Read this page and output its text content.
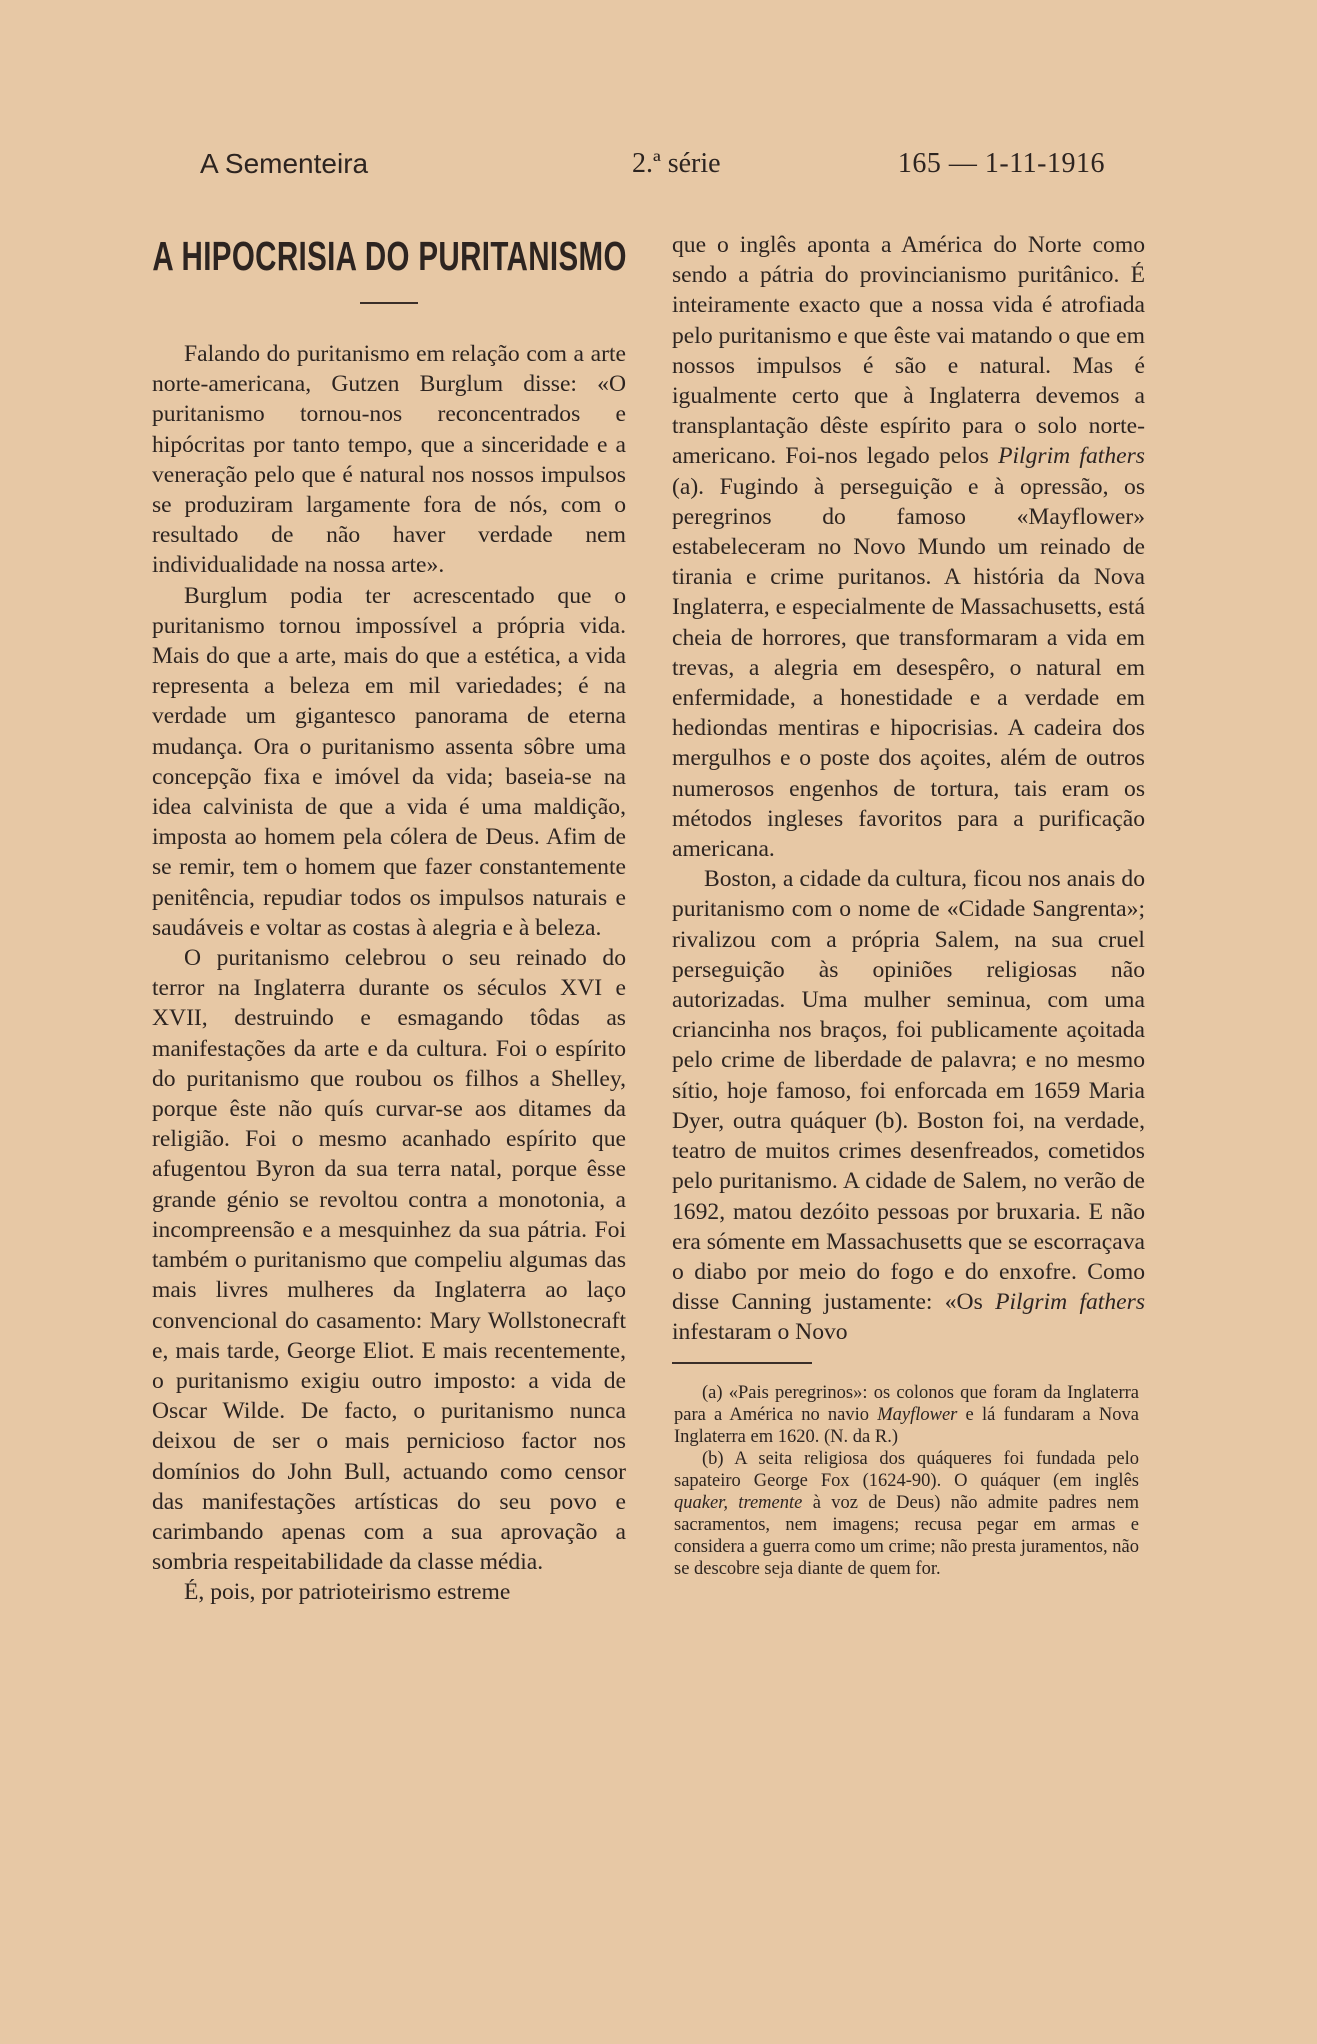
A Sementeira	2.ª série	165 — 1-11-1916
A HIPOCRISIA DO PURITANISMO

Falando do puritanismo em relação com a arte norte-americana, Gutzen Burglum disse: «O puritanismo tornou-nos reconcentrados e hipócritas por tanto tempo, que a sinceridade e a veneração pelo que é natural nos nossos impulsos se produziram largamente fora de nós, com o resultado de não haver verdade nem individualidade na nossa arte».

Burglum podia ter acrescentado que o puritanismo tornou impossível a própria vida. Mais do que a arte, mais do que a estética, a vida representa a beleza em mil variedades; é na verdade um gigantesco panorama de eterna mudança. Ora o puritanismo assenta sôbre uma concepção fixa e imóvel da vida; baseia-se na idea calvinista de que a vida é uma maldição, imposta ao homem pela cólera de Deus. Afim de se remir, tem o homem que fazer constantemente penitência, repudiar todos os impulsos naturais e saudáveis e voltar as costas à alegria e à beleza.

O puritanismo celebrou o seu reinado do terror na Inglaterra durante os séculos XVI e XVII, destruindo e esmagando tôdas as manifestações da arte e da cultura. Foi o espírito do puritanismo que roubou os filhos a Shelley, porque êste não quís curvar-se aos ditames da religião. Foi o mesmo acanhado espírito que afugentou Byron da sua terra natal, porque êsse grande génio se revoltou contra a monotonia, a incompreensão e a mesquinhez da sua pátria. Foi também o puritanismo que compeliu algumas das mais livres mulheres da Inglaterra ao laço convencional do casamento: Mary Wollstonecraft e, mais tarde, George Eliot. E mais recentemente, o puritanismo exigiu outro imposto: a vida de Oscar Wilde. De facto, o puritanismo nunca deixou de ser o mais pernicioso factor nos domínios do John Bull, actuando como censor das manifestações artísticas do seu povo e carimbando apenas com a sua aprovação a sombria respeitabilidade da classe média.

É, pois, por patrioteirismo estreme

que o inglês aponta a América do Norte como sendo a pátria do provincianismo puritânico. É inteiramente exacto que a nossa vida é atrofiada pelo puritanismo e que êste vai matando o que em nossos impulsos é são e natural. Mas é igualmente certo que à Inglaterra devemos a transplantação dêste espírito para o solo norte-americano. Foi-nos legado pelos Pilgrim fathers (a). Fugindo à perseguição e à opressão, os peregrinos do famoso «Mayflower» estabeleceram no Novo Mundo um reinado de tirania e crime puritanos. A história da Nova Inglaterra, e especialmente de Massachusetts, está cheia de horrores, que transformaram a vida em trevas, a alegria em desespêro, o natural em enfermidade, a honestidade e a verdade em hediondas mentiras e hipocrisias. A cadeira dos mergulhos e o poste dos açoites, além de outros numerosos engenhos de tortura, tais eram os métodos ingleses favoritos para a purificação americana.

Boston, a cidade da cultura, ficou nos anais do puritanismo com o nome de «Cidade Sangrenta»; rivalizou com a própria Salem, na sua cruel perseguição às opiniões religiosas não autorizadas. Uma mulher seminua, com uma criancinha nos braços, foi publicamente açoitada pelo crime de liberdade de palavra; e no mesmo sítio, hoje famoso, foi enforcada em 1659 Maria Dyer, outra quáquer (b). Boston foi, na verdade, teatro de muitos crimes desenfreados, cometidos pelo puritanismo. A cidade de Salem, no verão de 1692, matou dezóito pessoas por bruxaria. E não era sómente em Massachusetts que se escorraçava o diabo por meio do fogo e do enxofre. Como disse Canning justamente: «Os Pilgrim fathers infestaram o Novo

(a) «Pais peregrinos»: os colonos que foram da Inglaterra para a América no navio Mayflower e lá fundaram a Nova Inglaterra em 1620. (N. da R.)

(b) A seita religiosa dos quáqueres foi fundada pelo sapateiro George Fox (1624-90). O quáquer (em inglês quaker, tremente à voz de Deus) não admite padres nem sacramentos, nem imagens; recusa pegar em armas e considera a guerra como um crime; não presta juramentos, não se descobre seja diante de quem for.
